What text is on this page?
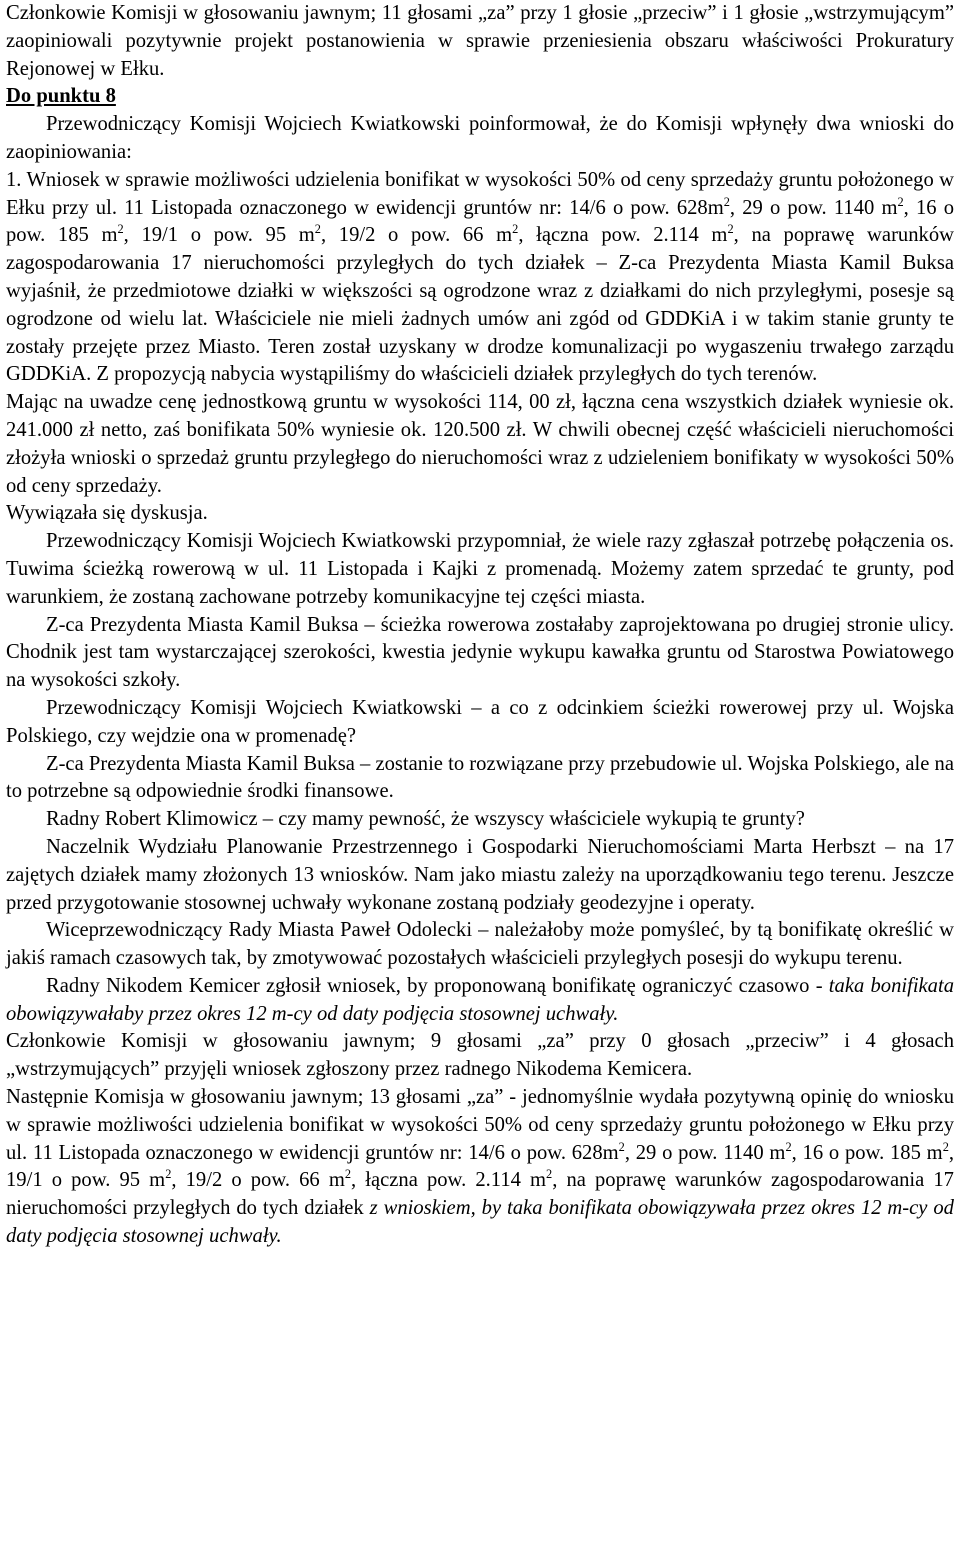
Członkowie Komisji w głosowaniu jawnym; 11 głosami „za” przy 1 głosie „przeciw” i 1 głosie „wstrzymującym” zaopiniowali pozytywnie projekt postanowienia w sprawie przeniesienia obszaru właściwości Prokuratury Rejonowej w Ełku.

Do punktu 8

Przewodniczący Komisji Wojciech Kwiatkowski poinformował, że do Komisji wpłynęły dwa wnioski do zaopiniowania:

1. Wniosek w sprawie możliwości udzielenia bonifikat w wysokości 50% od ceny sprzedaży gruntu położonego w Ełku przy ul. 11 Listopada oznaczonego w ewidencji gruntów nr: 14/6 o pow. $628m^2$, 29 o pow. 1140 $m^2$, 16 o pow. 185 $m^2$, 19/1 o pow. 95 $m^2$, 19/2 o pow. 66 $m^2$, łączna pow. 2.114 $m^2$, na poprawę warunków zagospodarowania 17 nieruchomości przyległych do tych działek – Z-ca Prezydenta Miasta Kamil Buksa wyjaśnił, że przedmiotowe działki w większości są ogrodzone wraz z działkami do nich przyległymi, posesje są ogrodzone od wielu lat. Właściciele nie mieli żadnych umów ani zgód od GDDKiA i w takim stanie grunty te zostały przejęte przez Miasto. Teren został uzyskany w drodze komunalizacji po wygaszeniu trwałego zarządu GDDKiA. Z propozycją nabycia wystąpiliśmy do właścicieli działek przyległych do tych terenów.

Mając na uwadze cenę jednostkową gruntu w wysokości 114, 00 zł, łączna cena wszystkich działek wyniesie ok. 241.000 zł netto, zaś bonifikata 50% wyniesie ok. 120.500 zł. W chwili obecnej część właścicieli nieruchomości złożyła wnioski o sprzedaż gruntu przyległego do nieruchomości wraz z udzieleniem bonifikaty w wysokości 50% od ceny sprzedaży.

Wywiązała się dyskusja.

Przewodniczący Komisji Wojciech Kwiatkowski przypomniał, że wiele razy zgłaszał potrzebę połączenia os. Tuwima ścieżką rowerową w ul. 11 Listopada i Kajki z promenadą. Możemy zatem sprzedać te grunty, pod warunkiem, że zostaną zachowane potrzeby komunikacyjne tej części miasta.

Z-ca Prezydenta Miasta Kamil Buksa – ścieżka rowerowa zostałaby zaprojektowana po drugiej stronie ulicy. Chodnik jest tam wystarczającej szerokości, kwestia jedynie wykupu kawałka gruntu od Starostwa Powiatowego na wysokości szkoły.

Przewodniczący Komisji Wojciech Kwiatkowski – a co z odcinkiem ścieżki rowerowej przy ul. Wojska Polskiego, czy wejdzie ona w promenadę?

Z-ca Prezydenta Miasta Kamil Buksa – zostanie to rozwiązane przy przebudowie ul. Wojska Polskiego, ale na to potrzebne są odpowiednie środki finansowe.

Radny Robert Klimowicz – czy mamy pewność, że wszyscy właściciele wykupią te grunty?

Naczelnik Wydziału Planowanie Przestrzennego i Gospodarki Nieruchomościami Marta Herbszt – na 17 zajętych działek mamy złożonych 13 wniosków. Nam jako miastu zależy na uporządkowaniu tego terenu. Jeszcze przed przygotowanie stosownej uchwały wykonane zostaną podziały geodezyjne i operaty.

Wiceprzewodniczący Rady Miasta Paweł Odolecki – należałoby może pomyśleć, by tą bonifikatę określić w jakiś ramach czasowych tak, by zmotywować pozostałych właścicieli przyległych posesji do wykupu terenu.

Radny Nikodem Kemicer zgłosił wniosek, by proponowaną bonifikatę ograniczyć czasowo - taka bonifikata obowiązywałaby przez okres 12 m-cy od daty podjęcia stosownej uchwały.

Członkowie Komisji w głosowaniu jawnym; 9 głosami „za” przy 0 głosach „przeciw” i 4 głosach „wstrzymujących” przyjęli wniosek zgłoszony przez radnego Nikodema Kemicera.

Następnie Komisja w głosowaniu jawnym; 13 głosami „za” - jednomyślnie wydała pozytywną opinię do wniosku w sprawie możliwości udzielenia bonifikat w wysokości 50% od ceny sprzedaży gruntu położonego w Ełku przy ul. 11 Listopada oznaczonego w ewidencji gruntów nr: 14/6 o pow. $628m^2$, 29 o pow. 1140 $m^2$, 16 o pow. 185 $m^2$, 19/1 o pow. 95 $m^2$, 19/2 o pow. 66 $m^2$, łączna pow. 2.114 $m^2$, na poprawę warunków zagospodarowania 17 nieruchomości przyległych do tych działek z wnioskiem, by taka bonifikata obowiązywała przez okres 12 m-cy od daty podjęcia stosownej uchwały.
